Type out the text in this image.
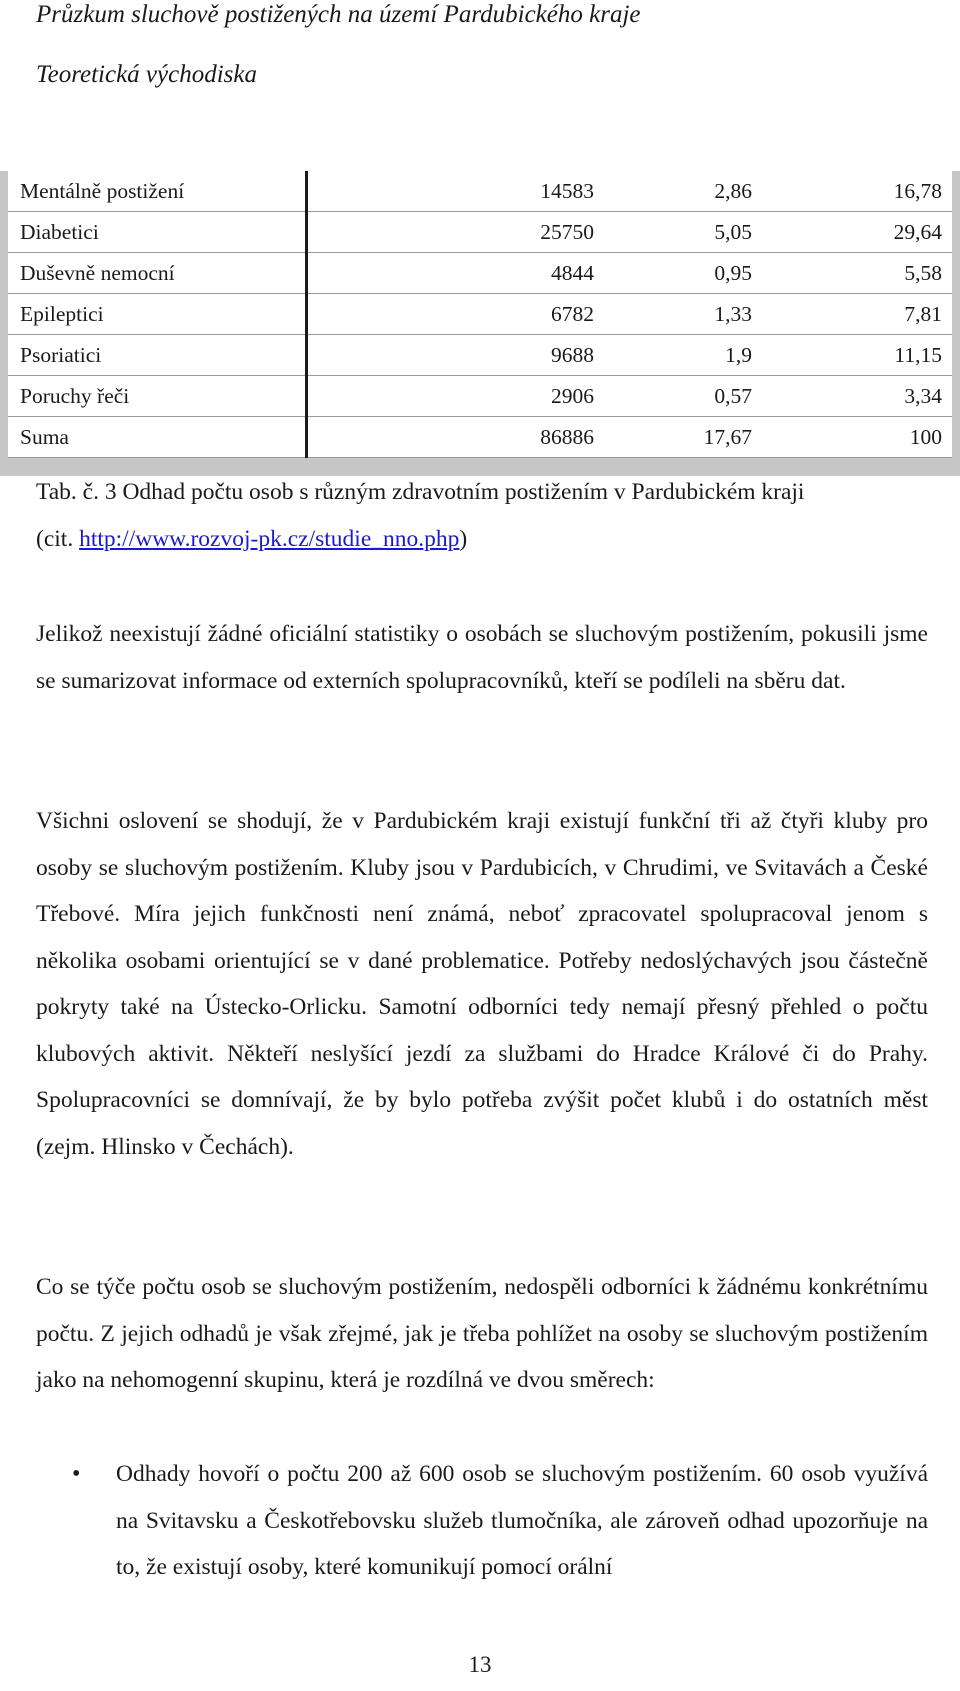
Průzkum sluchově postižených na území Pardubického kraje
Teoretická východiska
Mentálně postižení	14583	2,86	16,78
Diabetici	25750	5,05	29,64
Duševně nemocní	4844	0,95	5,58
Epileptici	6782	1,33	7,81
Psoriatici	9688	1,9	11,15
Poruchy řeči	2906	0,57	3,34
Suma	86886	17,67	100
Tab. č. 3 Odhad počtu osob s různým zdravotním postižením v Pardubickém kraji
(cit. http://www.rozvoj-pk.cz/studie_nno.php)
Jelikož neexistují žádné oficiální statistiky o osobách se sluchovým postižením, pokusili jsme se sumarizovat informace od externích spolupracovníků, kteří se podíleli na sběru dat.
Všichni oslovení se shodují, že v Pardubickém kraji existují funkční tři až čtyři kluby pro osoby se sluchovým postižením. Kluby jsou v Pardubicích, v Chrudimi, ve Svitavách a České Třebové. Míra jejich funkčnosti není známá, neboť zpracovatel spolupracoval jenom s několika osobami orientující se v dané problematice. Potřeby nedoslýchavých jsou částečně pokryty také na Ústecko-Orlicku. Samotní odborníci tedy nemají přesný přehled o počtu klubových aktivit. Někteří neslyšící jezdí za službami do Hradce Králové či do Prahy. Spolupracovníci se domnívají, že by bylo potřeba zvýšit počet klubů i do ostatních měst (zejm. Hlinsko v Čechách).
Co se týče počtu osob se sluchovým postižením, nedospěli odborníci k žádnému konkrétnímu počtu. Z jejich odhadů je však zřejmé, jak je třeba pohlížet na osoby se sluchovým postižením jako na nehomogenní skupinu, která je rozdílná ve dvou směrech:
• Odhady hovoří o počtu 200 až 600 osob se sluchovým postižením. 60 osob využívá na Svitavsku a Českotřebovsku služeb tlumočníka, ale zároveň odhad upozorňuje na to, že existují osoby, které komunikují pomocí orální
13
